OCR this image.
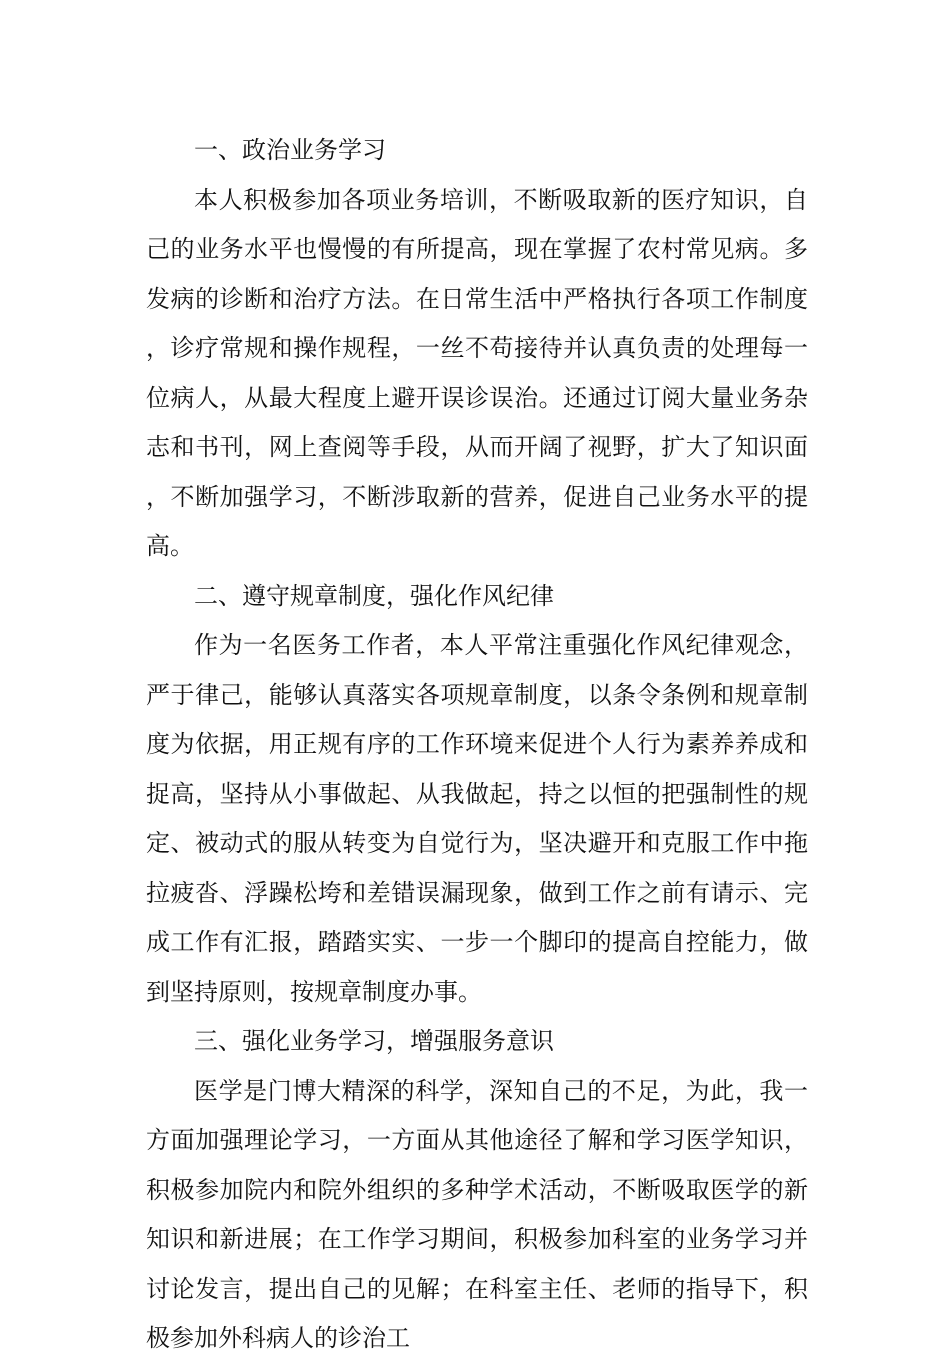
一、政治业务学习

本人积极参加各项业务培训，不断吸取新的医疗知识，自己的业务水平也慢慢的有所提高，现在掌握了农村常见病。多发病的诊断和治疗方法。在日常生活中严格执行各项工作制度，诊疗常规和操作规程，一丝不苟接待并认真负责的处理每一位病人，从最大程度上避开误诊误治。还通过订阅大量业务杂志和书刊，网上查阅等手段，从而开阔了视野，扩大了知识面，不断加强学习，不断涉取新的营养，促进自己业务水平的提高。

二、遵守规章制度，强化作风纪律

作为一名医务工作者，本人平常注重强化作风纪律观念，严于律己，能够认真落实各项规章制度，以条令条例和规章制度为依据，用正规有序的工作环境来促进个人行为素养养成和捉高，坚持从小事做起、从我做起，持之以恒的把强制性的规定、被动式的服从转变为自觉行为，坚决避开和克服工作中拖拉疲沓、浮躁松垮和差错误漏现象，做到工作之前有请示、完成工作有汇报，踏踏实实、一步一个脚印的提高自控能力，做到坚持原则，按规章制度办事。

三、强化业务学习，增强服务意识

医学是门博大精深的科学，深知自己的不足，为此，我一方面加强理论学习，一方面从其他途径了解和学习医学知识，积极参加院内和院外组织的多种学术活动，不断吸取医学的新知识和新进展；在工作学习期间，积极参加科室的业务学习并讨论发言，提出自己的见解；在科室主任、老师的指导下，积极参加外科病人的诊治工
